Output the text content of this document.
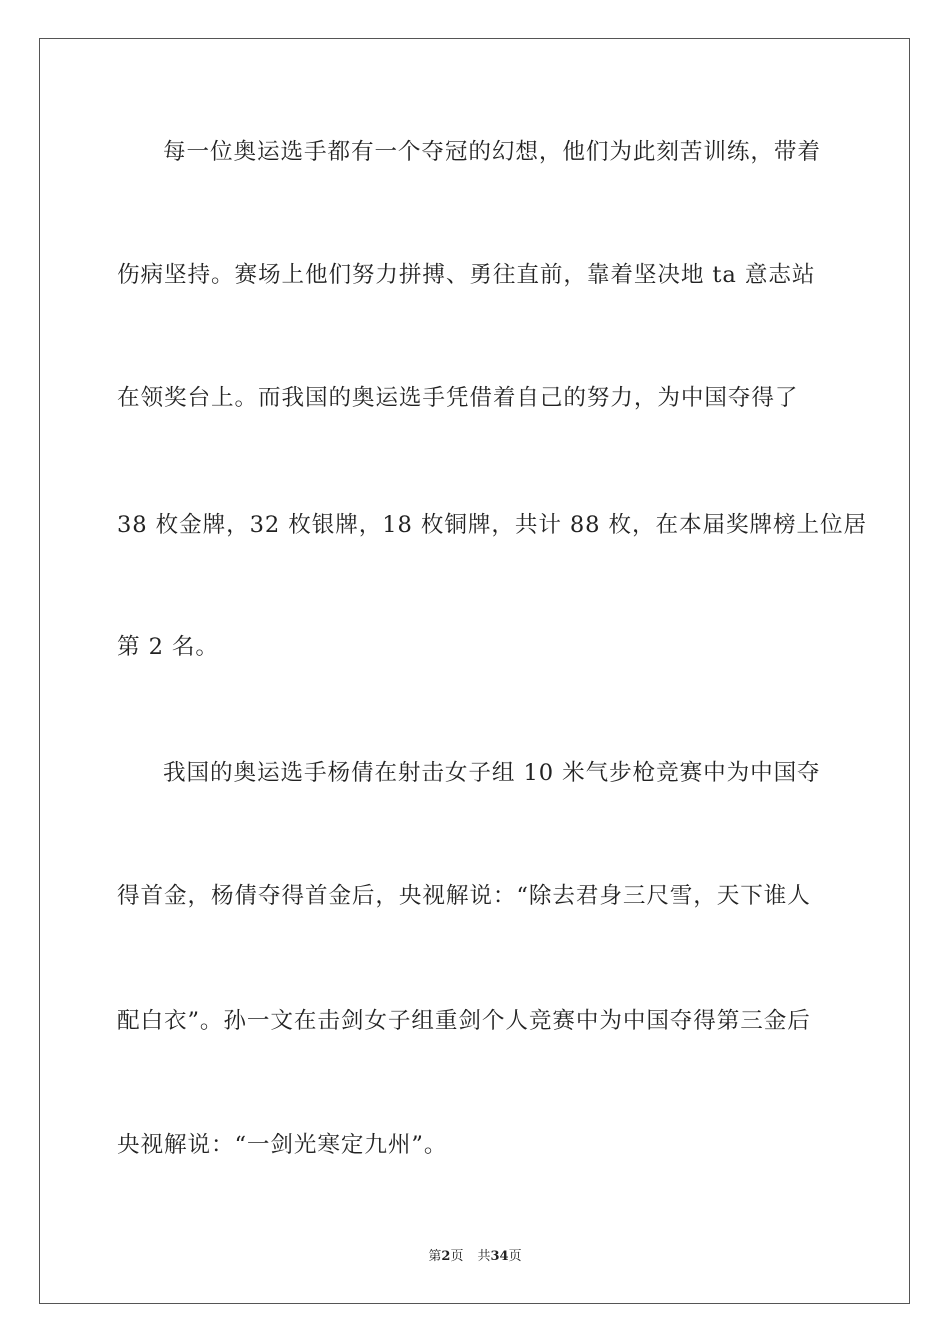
每一位奥运选手都有一个夺冠的幻想，他们为此刻苦训练，带着
伤病坚持。赛场上他们努力拼搏、勇往直前，靠着坚决地 ta 意志站
在领奖台上。而我国的奥运选手凭借着自己的努力，为中国夺得了
38 枚金牌，32 枚银牌，18 枚铜牌，共计 88 枚，在本届奖牌榜上位居
第 2 名。
我国的奥运选手杨倩在射击女子组 10 米气步枪竞赛中为中国夺
得首金，杨倩夺得首金后，央视解说：“除去君身三尺雪，天下谁人
配白衣”。孙一文在击剑女子组重剑个人竞赛中为中国夺得第三金后
央视解说：“一剑光寒定九州”。
第2页 共34页
